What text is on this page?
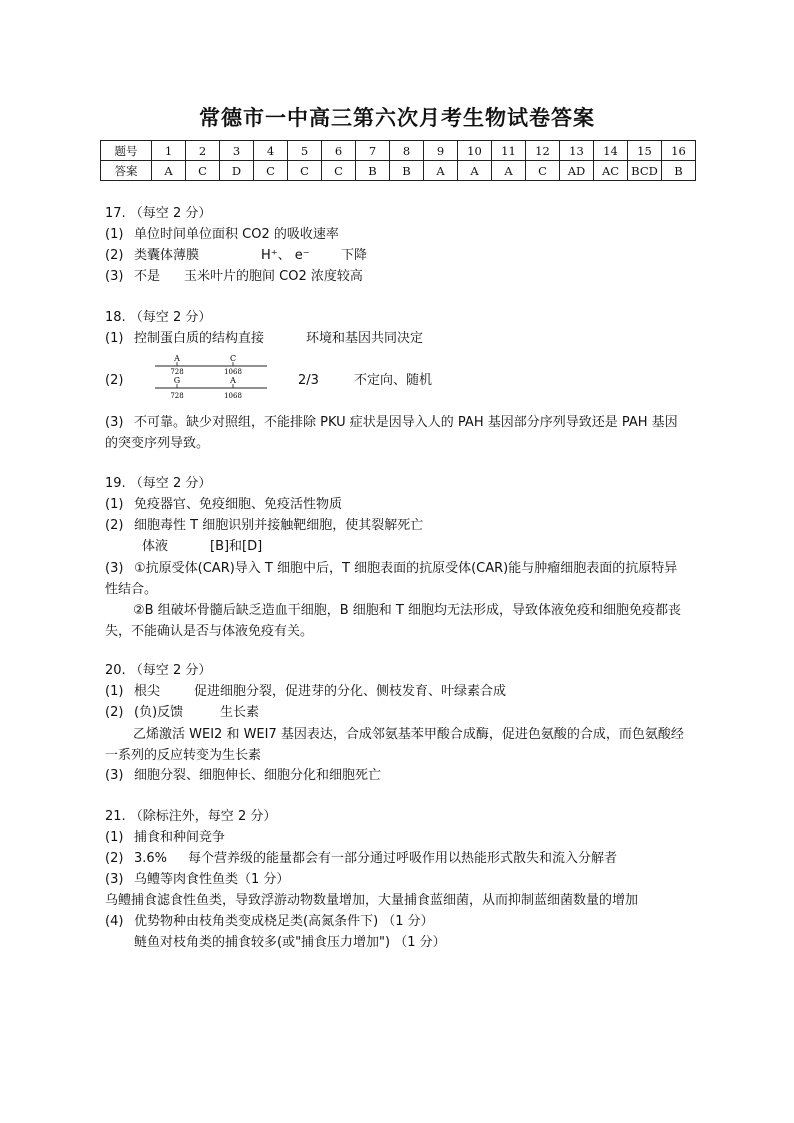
常德市一中高三第六次月考生物试卷答案
题号	1	2	3	4	5	6	7	8	9	10	11	12	13	14	15	16
答案	A	C	D	C	C	C	B	B	A	A	A	C	AD	AC	BCD	B
17. （每空 2 分）
(1) 单位时间单位面积 CO2 的吸收速率
(2) 类囊体薄膜	H⁺、 e⁻ 下降
(3) 不是 玉米叶片的胞间 CO2 浓度较高
18. （每空 2 分）
(1) 控制蛋白质的结构直接	环境和基因共同决定
(2)	2/3	不定向、随机
A	C
728	1068
G	A
728	1068
(3) 不可靠。缺少对照组，不能排除 PKU 症状是因导入人的 PAH 基因部分序列导致还是 PAH 基因的突变序列导致。
19. （每空 2 分）
(1) 免疫器官、免疫细胞、免疫活性物质
(2) 细胞毒性 T 细胞识别并接触靶细胞，使其裂解死亡
体液	[B]和[D]
(3) ①抗原受体(CAR)导入 T 细胞中后，T 细胞表面的抗原受体(CAR)能与肿瘤细胞表面的抗原特异性结合。
②B 组破坏骨髓后缺乏造血干细胞，B 细胞和 T 细胞均无法形成，导致体液免疫和细胞免疫都丧失，不能确认是否与体液免疫有关。
20. （每空 2 分）
(1) 根尖	促进细胞分裂，促进芽的分化、侧枝发育、叶绿素合成
(2) (负)反馈	生长素
乙烯激活 WEI2 和 WEI7 基因表达，合成邻氨基苯甲酸合成酶，促进色氨酸的合成，而色氨酸经一系列的反应转变为生长素
(3) 细胞分裂、细胞伸长、细胞分化和细胞死亡
21. （除标注外，每空 2 分）
(1) 捕食和种间竞争
(2) 3.6% 每个营养级的能量都会有一部分通过呼吸作用以热能形式散失和流入分解者
(3) 乌鳢等肉食性鱼类（1 分）
乌鳢捕食滤食性鱼类，导致浮游动物数量增加，大量捕食蓝细菌，从而抑制蓝细菌数量的增加
(4) 优势物种由枝角类变成桡足类(高氮条件下) （1 分）
鲢鱼对枝角类的捕食较多(或"捕食压力增加") （1 分）
